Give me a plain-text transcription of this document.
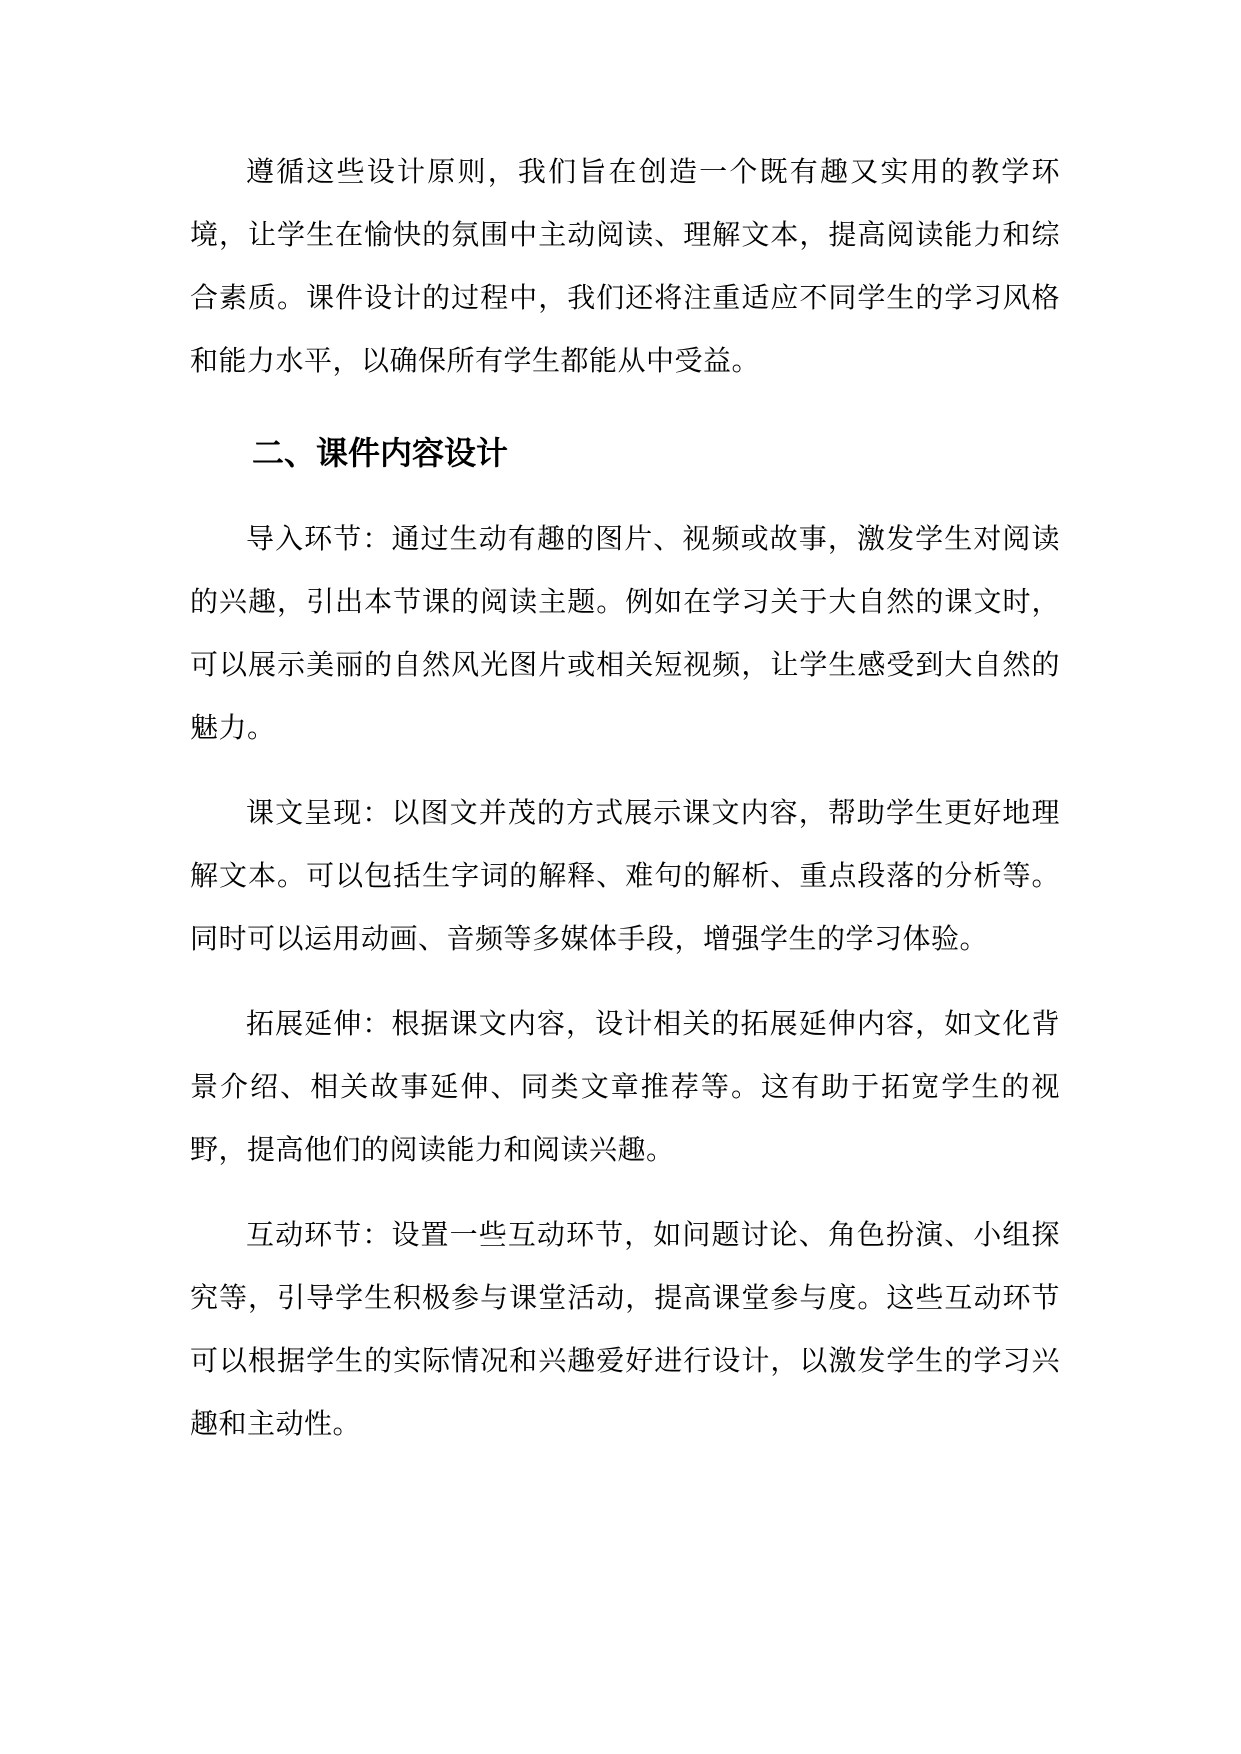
遵循这些设计原则，我们旨在创造一个既有趣又实用的教学环境，让学生在愉快的氛围中主动阅读、理解文本，提高阅读能力和综合素质。课件设计的过程中，我们还将注重适应不同学生的学习风格和能力水平，以确保所有学生都能从中受益。

二、课件内容设计

导入环节：通过生动有趣的图片、视频或故事，激发学生对阅读的兴趣，引出本节课的阅读主题。例如在学习关于大自然的课文时，可以展示美丽的自然风光图片或相关短视频，让学生感受到大自然的魅力。

课文呈现：以图文并茂的方式展示课文内容，帮助学生更好地理解文本。可以包括生字词的解释、难句的解析、重点段落的分析等。同时可以运用动画、音频等多媒体手段，增强学生的学习体验。

拓展延伸：根据课文内容，设计相关的拓展延伸内容，如文化背景介绍、相关故事延伸、同类文章推荐等。这有助于拓宽学生的视野，提高他们的阅读能力和阅读兴趣。

互动环节：设置一些互动环节，如问题讨论、角色扮演、小组探究等，引导学生积极参与课堂活动，提高课堂参与度。这些互动环节可以根据学生的实际情况和兴趣爱好进行设计，以激发学生的学习兴趣和主动性。
